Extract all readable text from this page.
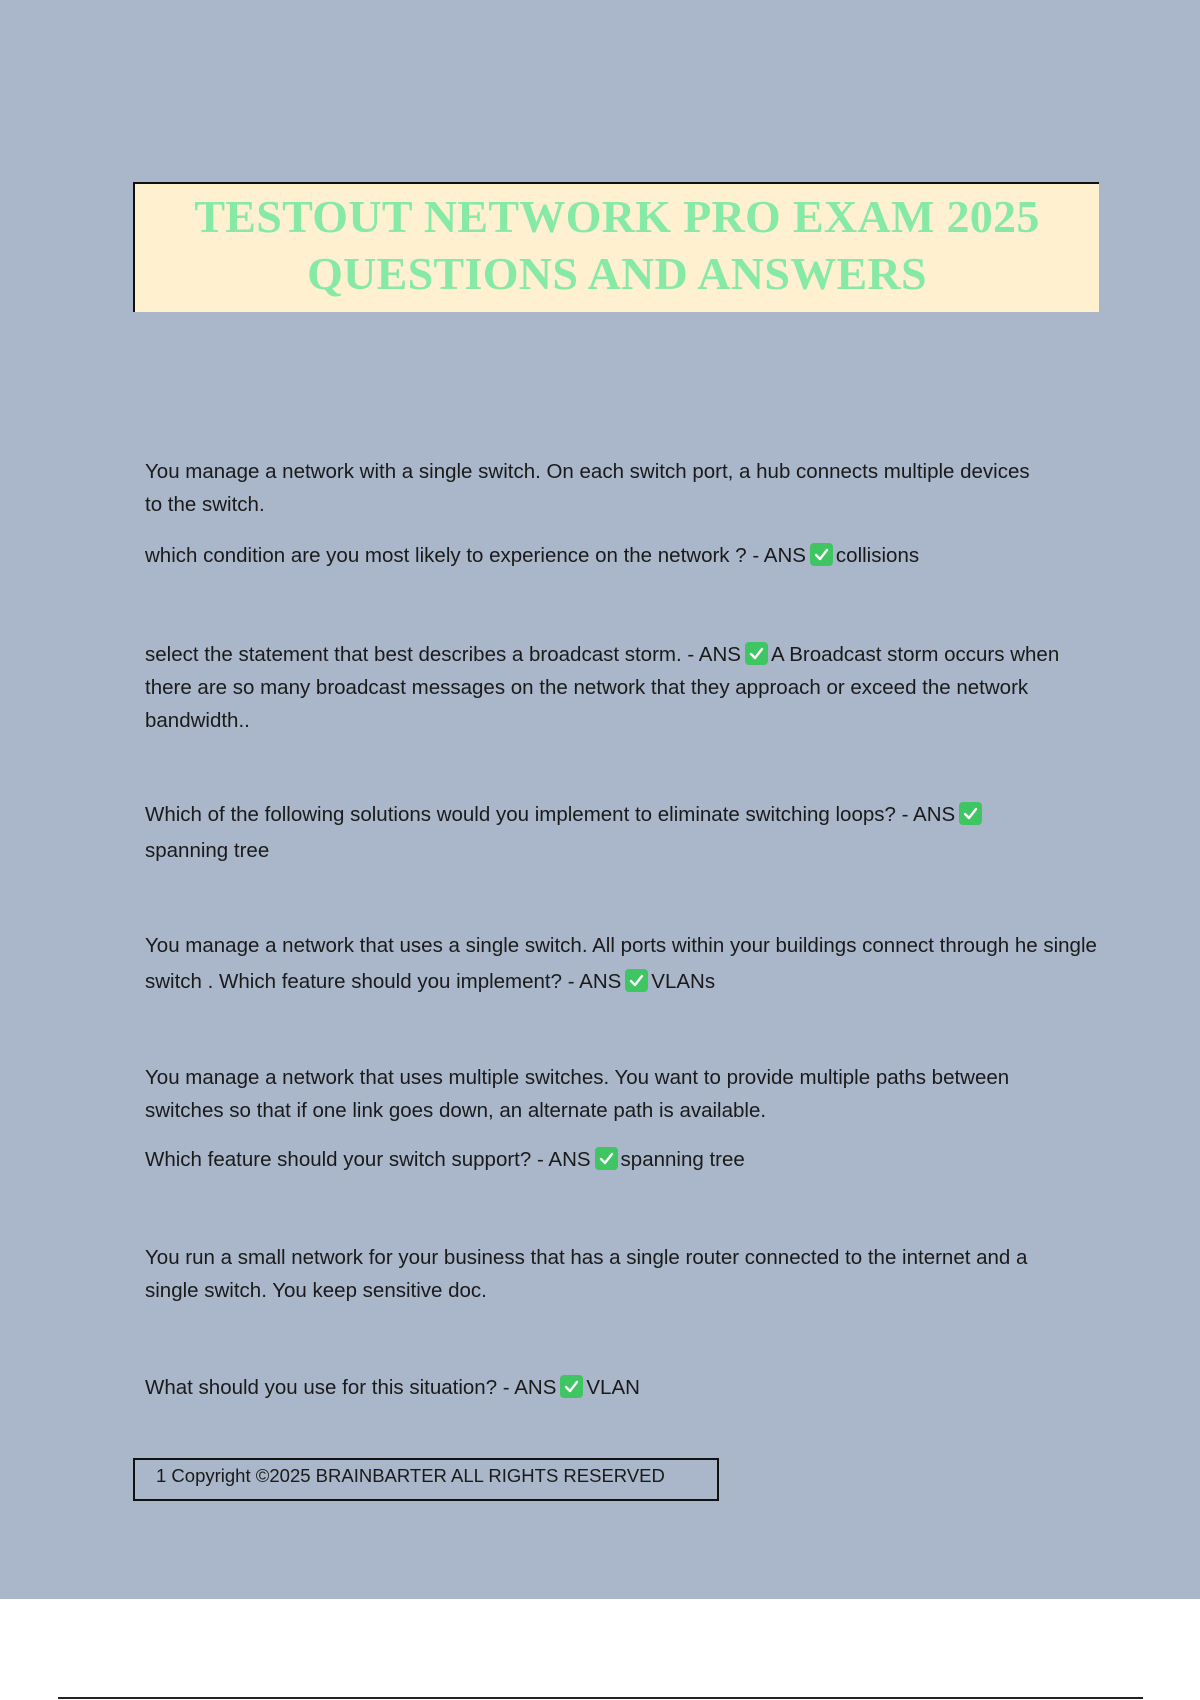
TESTOUT NETWORK PRO EXAM 2025
QUESTIONS AND ANSWERS

You manage a network with a single switch. On each switch port, a hub connects multiple devices to the switch.

which condition are you most likely to experience on the network ? - ANS collisions

select the statement that best describes a broadcast storm. - ANS A Broadcast storm occurs when there are so many broadcast messages on the network that they approach or exceed the network bandwidth..

Which of the following solutions would you implement to eliminate switching loops? - ANS
spanning tree

You manage a network that uses a single switch. All ports within your buildings connect through he single switch . Which feature should you implement? - ANS VLANs

You manage a network that uses multiple switches. You want to provide multiple paths between switches so that if one link goes down, an alternate path is available.

Which feature should your switch support? - ANS spanning tree

You run a small network for your business that has a single router connected to the internet and a single switch. You keep sensitive doc.

What should you use for this situation? - ANS VLAN

1 Copyright ©2025 BRAINBARTER ALL RIGHTS RESERVED
